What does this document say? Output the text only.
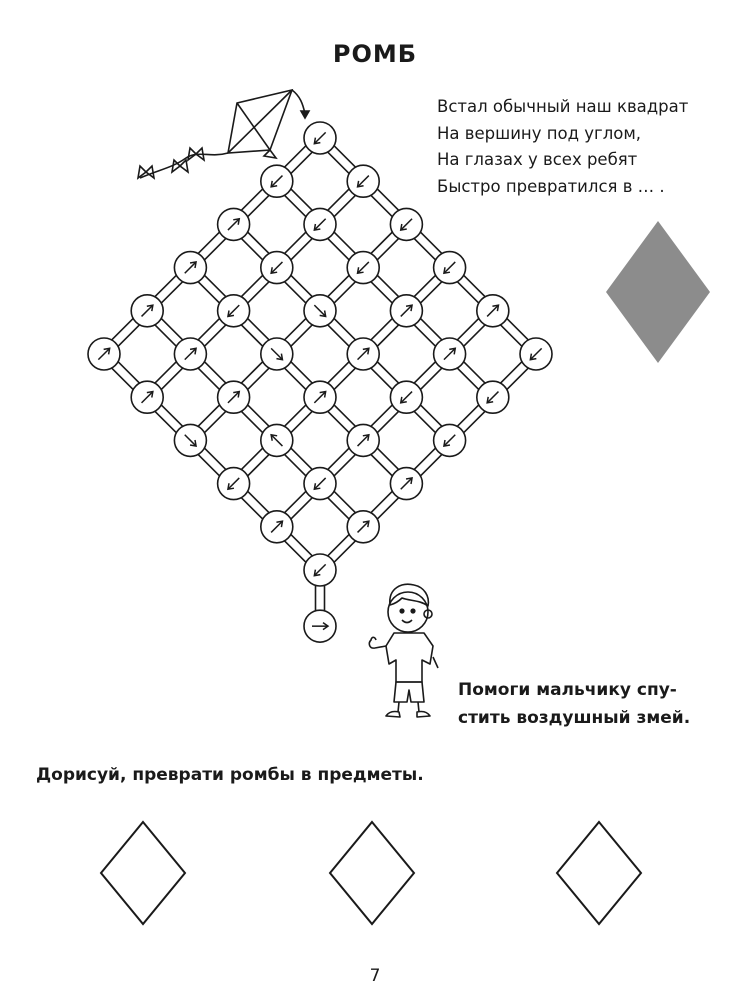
РОМБ
Встал обычный наш квадрат
На вершину под углом,
На глазах у всех ребят
Быстро превратился в … .
Помоги мальчику спу-
стить воздушный змей.
Дорисуй, преврати ромбы в предметы.
7
